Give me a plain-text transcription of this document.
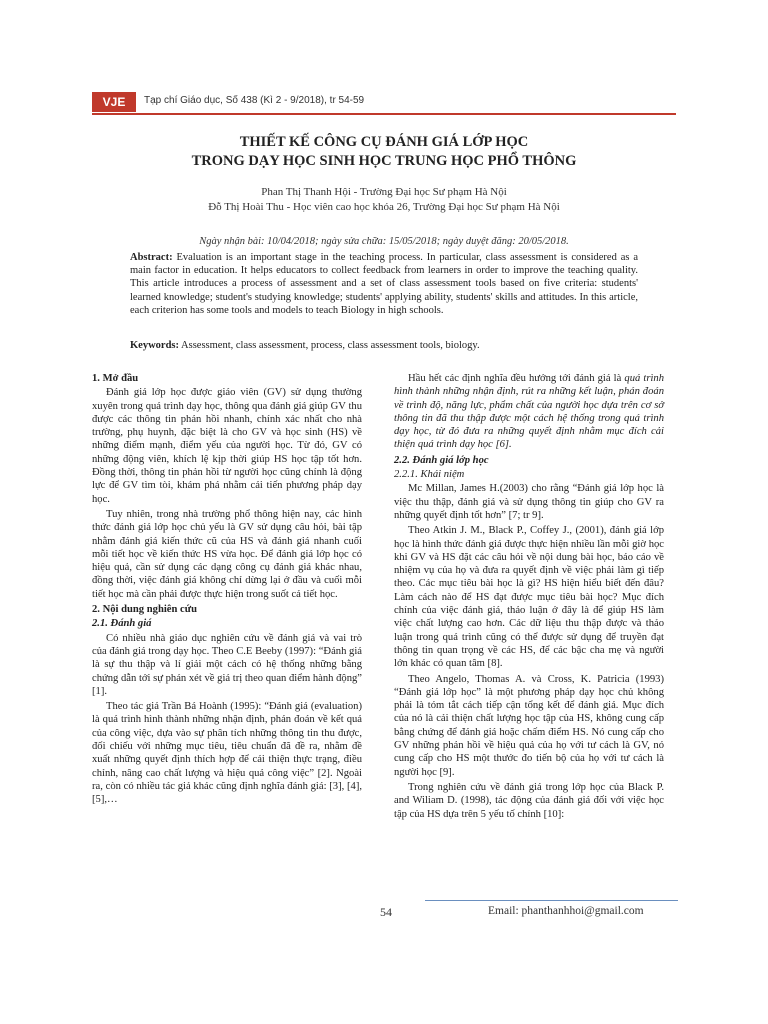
VJE	Tạp chí Giáo dục, Số 438 (Kì 2 - 9/2018), tr 54-59
THIẾT KẾ CÔNG CỤ ĐÁNH GIÁ LỚP HỌC
TRONG DẠY HỌC SINH HỌC TRUNG HỌC PHỔ THÔNG
Phan Thị Thanh Hội - Trường Đại học Sư phạm Hà Nội
Đỗ Thị Hoài Thu - Học viên cao học khóa 26, Trường Đại học Sư phạm Hà Nội
Ngày nhận bài: 10/04/2018; ngày sửa chữa: 15/05/2018; ngày duyệt đăng: 20/05/2018.
Abstract: Evaluation is an important stage in the teaching process. In particular, class assessment is considered as a main factor in education. It helps educators to collect feedback from learners in order to improve the teaching quality. This article introduces a process of assessment and a set of class assessment tools based on five criteria: students' learned knowledge; student's studying knowledge; students' applying ability, students' skills and attitudes. In this article, each criterion has some tools and models to teach Biology in high schools.
Keywords: Assessment, class assessment, process, class assessment tools, biology.

1. Mở đầu

Đánh giá lớp học được giáo viên (GV) sử dụng thường xuyên trong quá trình dạy học, thông qua đánh giá giúp GV thu được các thông tin phản hồi nhanh, chính xác nhất cho nhà trường, phụ huynh, đặc biệt là cho GV và học sinh (HS) về những điểm mạnh, điểm yếu của người học. Từ đó, GV có những động viên, khích lệ kịp thời giúp HS học tập tốt hơn. Đồng thời, thông tin phản hồi từ người học cũng chính là động lực để GV tìm tòi, khám phá nhằm cải tiến phương pháp dạy học.

Tuy nhiên, trong nhà trường phổ thông hiện nay, các hình thức đánh giá lớp học chủ yếu là GV sử dụng câu hỏi, bài tập nhằm đánh giá kiến thức cũ của HS và đánh giá nhanh cuối mỗi tiết học về kiến thức HS vừa học. Để đánh giá lớp học có hiệu quả, cần sử dụng các dạng công cụ đánh giá khác nhau, đồng thời, việc đánh giá không chỉ dừng lại ở đầu và cuối mỗi tiết học mà cần phải được thực hiện trong suốt cả tiết học.

2. Nội dung nghiên cứu

2.1. Đánh giá

Có nhiều nhà giáo dục nghiên cứu về đánh giá và vai trò của đánh giá trong dạy học. Theo C.E Beeby (1997): “Đánh giá là sự thu thập và lí giải một cách có hệ thống những bằng chứng dẫn tới sự phán xét về giá trị theo quan điểm hành động” [1].

Theo tác giả Trần Bá Hoành (1995): “Đánh giá (evaluation) là quá trình hình thành những nhận định, phán đoán về kết quả của công việc, dựa vào sự phân tích những thông tin thu được, đối chiếu với những mục tiêu, tiêu chuẩn đã đề ra, nhằm đề xuất những quyết định thích hợp để cải thiện thực trạng, điều chỉnh, nâng cao chất lượng và hiệu quả công việc” [2]. Ngoài ra, còn có nhiều tác giả khác cũng định nghĩa đánh giá: [3], [4], [5],…

Hầu hết các định nghĩa đều hướng tới đánh giá là quá trình hình thành những nhận định, rút ra những kết luận, phán đoán về trình độ, năng lực, phẩm chất của người học dựa trên cơ sở thông tin đã thu thập được một cách hệ thống trong quá trình dạy học, từ đó đưa ra những quyết định nhằm mục đích cải thiện quá trình dạy học [6].

2.2. Đánh giá lớp học

2.2.1. Khái niệm

Mc Millan, James H.(2003) cho rằng “Đánh giá lớp học là việc thu thập, đánh giá và sử dụng thông tin giúp cho GV ra những quyết định tốt hơn” [7; tr 9].

Theo Atkin J. M., Black P., Coffey J., (2001), đánh giá lớp học là hình thức đánh giá được thực hiện nhiều lần mỗi giờ học khi GV và HS đặt các câu hỏi về nội dung bài học, báo cáo về nhiệm vụ của họ và đưa ra quyết định về việc phải làm gì tiếp theo. Các mục tiêu bài học là gì? HS hiện hiểu biết đến đâu? Làm cách nào để HS đạt được mục tiêu bài học? Mục đích chính của việc đánh giá, thảo luận ở đây là để giúp HS làm việc chất lượng cao hơn. Các dữ liệu thu thập được và thảo luận trong quá trình cũng có thể được sử dụng để truyền đạt thông tin quan trọng về các HS, để các bậc cha mẹ và người lớn khác có quan tâm [8].

Theo Angelo, Thomas A. và Cross, K. Patricia (1993) “Đánh giá lớp học” là một phương pháp dạy học chủ không phải là tóm tắt cách tiếp cận tổng kết để đánh giá. Mục đích của nó là cải thiện chất lượng học tập của HS, không cung cấp bằng chứng để đánh giá hoặc chấm điểm HS. Nó cung cấp cho GV những phản hồi về hiệu quả của họ với tư cách là GV, nó cung cấp cho HS một thước đo tiến bộ của họ với tư cách là người học [9].

Trong nghiên cứu về đánh giá trong lớp học của Black P. and Wiliam D. (1998), tác động của đánh giá đối với việc học tập của HS dựa trên 5 yếu tố chính [10]:

54	Email: phanthanhhoi@gmail.com
